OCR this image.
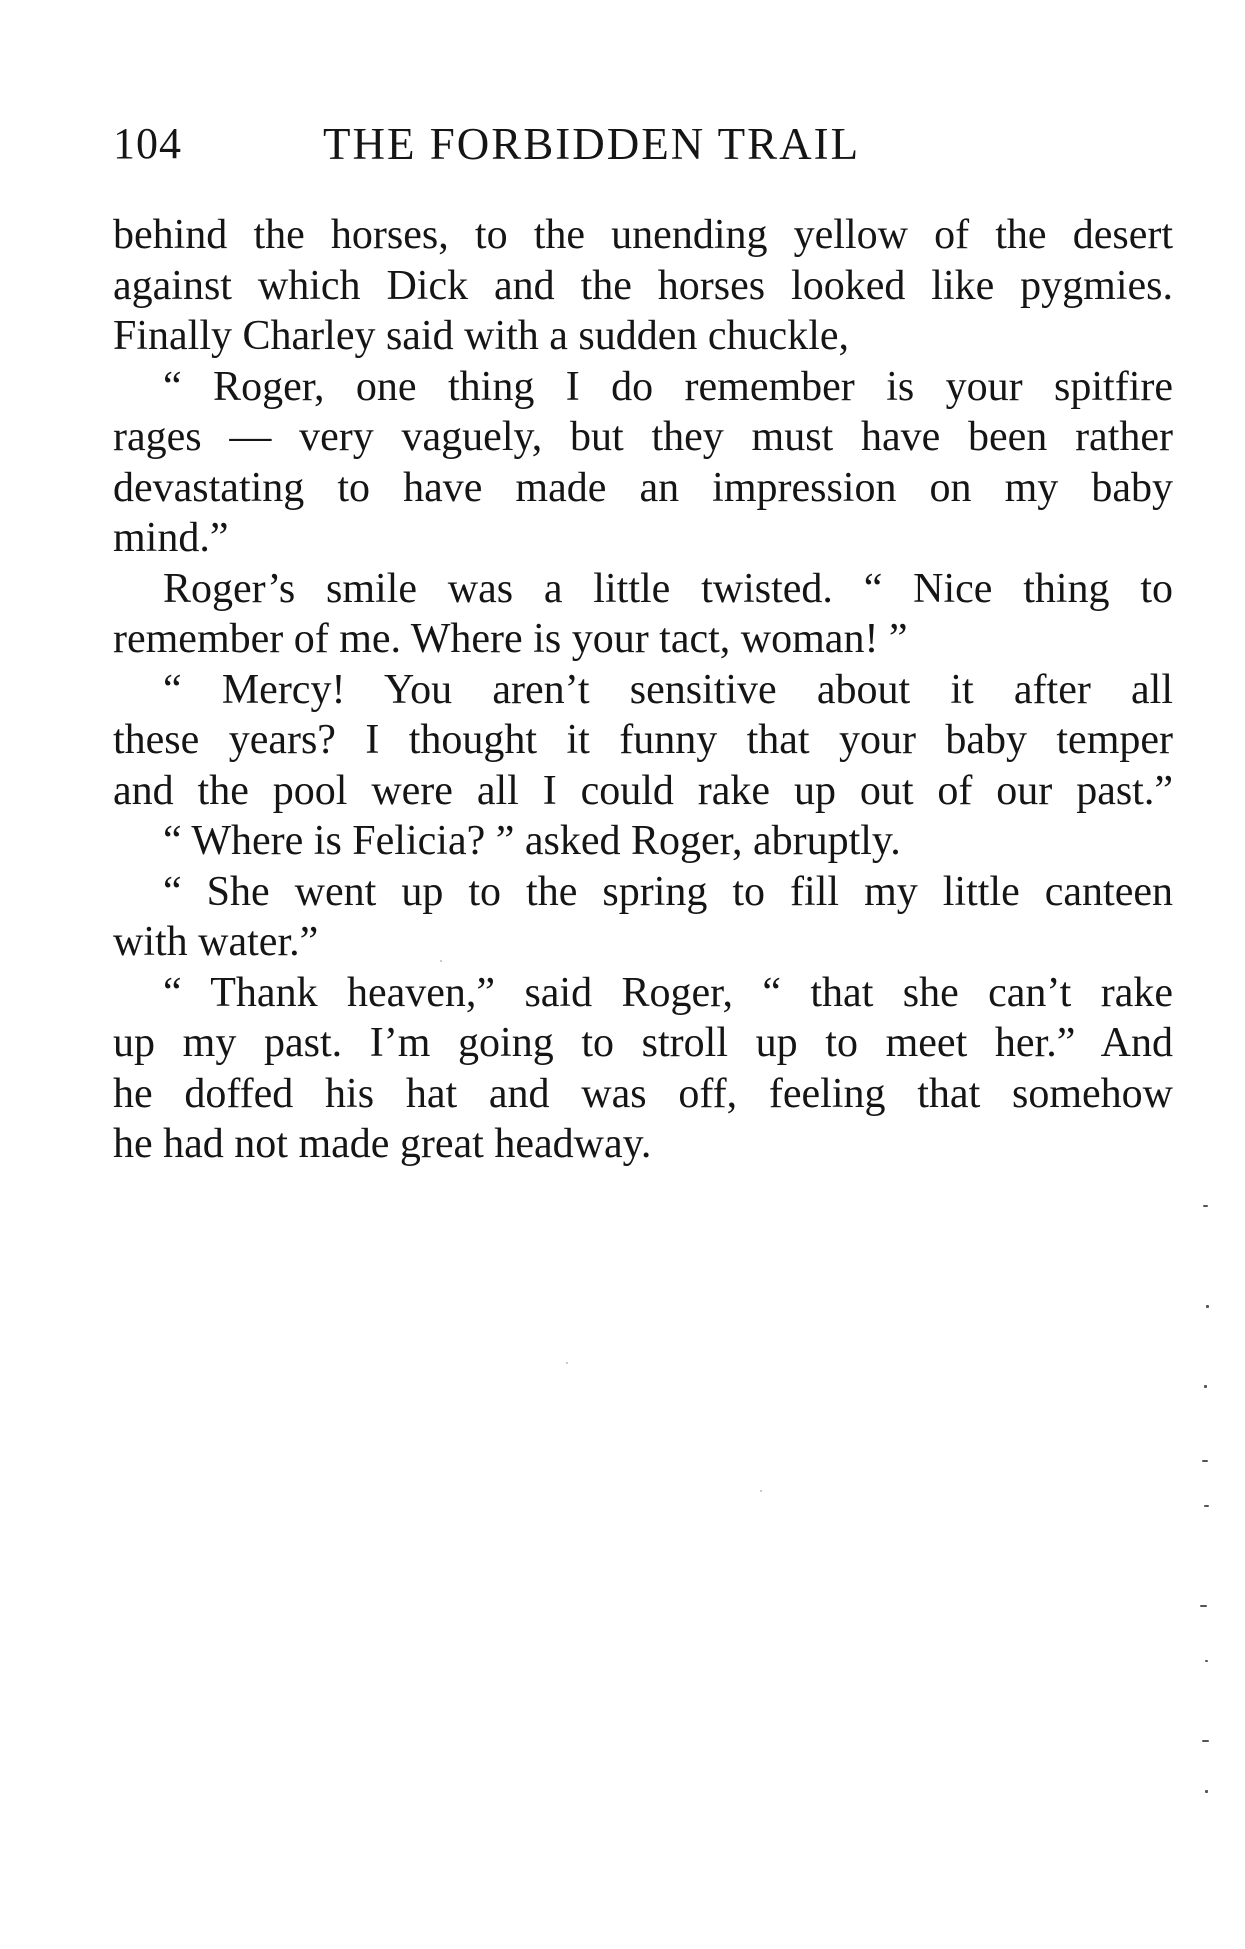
104	THE FORBIDDEN TRAIL
behind the horses, to the unending yellow of the desert
against which Dick and the horses looked like pygmies.
Finally Charley said with a sudden chuckle,
“ Roger, one thing I do remember is your spitfire
rages — very vaguely, but they must have been rather
devastating to have made an impression on my baby
mind.”
Roger’s smile was a little twisted. “ Nice thing to
remember of me. Where is your tact, woman! ”
“ Mercy! You aren’t sensitive about it after all
these years? I thought it funny that your baby temper
and the pool were all I could rake up out of our past.”
“ Where is Felicia? ” asked Roger, abruptly.
“ She went up to the spring to fill my little canteen
with water.”
“ Thank heaven,” said Roger, “ that she can’t rake
up my past. I’m going to stroll up to meet her.” And
he doffed his hat and was off, feeling that somehow
he had not made great headway.
